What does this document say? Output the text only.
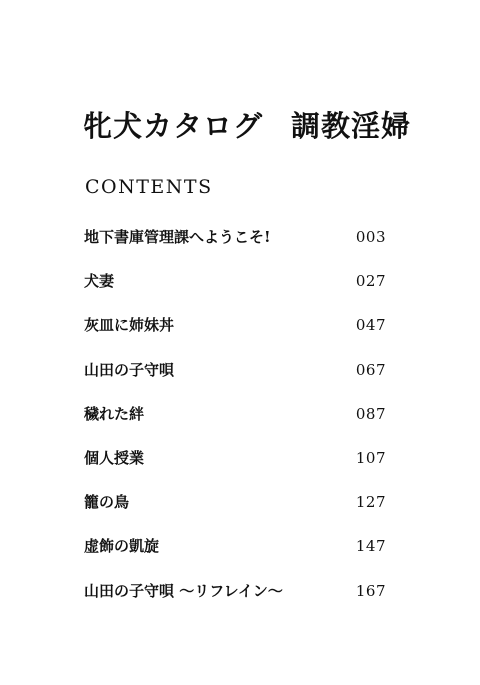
牝犬カタログ 調教淫婦
CONTENTS
地下書庫管理課へようこそ!	003
犬妻	027
灰皿に姉妹丼	047
山田の子守唄	067
穢れた絆	087
個人授業	107
籠の鳥	127
虚飾の凱旋	147
山田の子守唄 〜リフレイン〜	167
